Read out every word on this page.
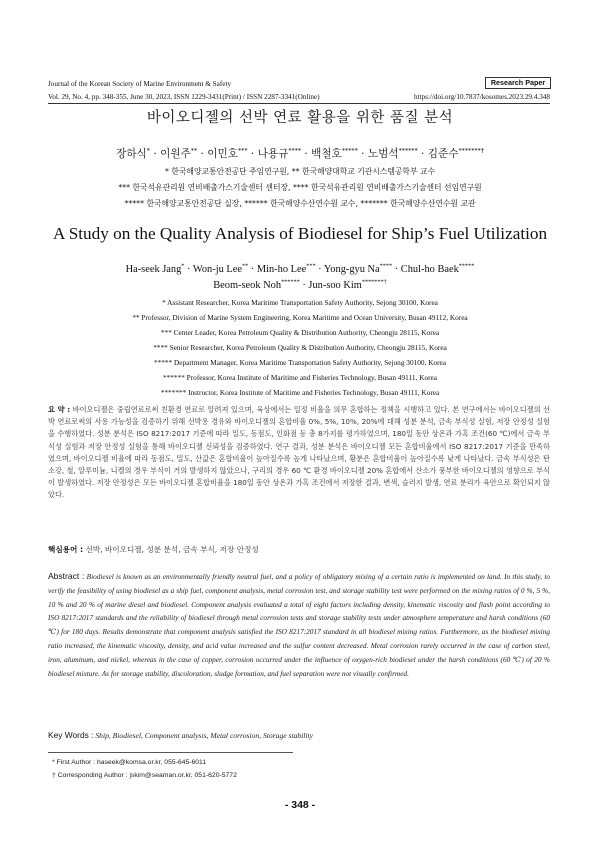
Journal of the Korean Society of Marine Environment & Safety	Research Paper
Vol. 29, No. 4, pp. 348-355, June 30, 2023, ISSN 1229-3431(Print) / ISSN 2287-3341(Online)	https://doi.org/10.7837/kosomes.2023.29.4.348
바이오디젤의 선박 연료 활용을 위한 품질 분석
장하식* · 이원주** · 이민호*** · 나용규**** · 백철호***** · 노범석****** · 김준수*******†
* 한국해양교통안전공단 주임연구원, ** 한국해양대학교 기관시스템공학부 교수
*** 한국석유관리원 연비배출가스기술센터 센터장, **** 한국석유관리원 연비배출가스기술센터 선임연구원
***** 한국해양교통안전공단 실장, ****** 한국해양수산연수원 교수, ******* 한국해양수산연수원 교관
A Study on the Quality Analysis of Biodiesel for Ship’s Fuel Utilization
Ha-seek Jang* · Won-ju Lee** · Min-ho Lee*** · Yong-gyu Na**** · Chul-ho Baek*****
Beom-seok Noh****** · Jun-soo Kim*******†
* Assistant Researcher, Korea Maritime Transportation Safety Authority, Sejong 30100, Korea
** Professor, Division of Marine System Engineering, Korea Maritime and Ocean University, Busan 49112, Korea
*** Center Leader, Korea Petroleum Quality & Distribution Authority, Cheongju 28115, Korea
**** Senior Researcher, Korea Petroleum Quality & Distribution Authority, Cheongju 28115, Korea
***** Department Manager, Korea Maritime Transportation Safety Authority, Sejong 30100, Korea
****** Professor, Korea Institute of Maritime and Fisheries Technology, Busan 49111, Korea
******* Instructor, Korea Institute of Maritime and Fisheries Technology, Busan 49111, Korea
요 약 : 바이오디젤은 중립연료로써 친환경 연료로 알려져 있으며, 육상에서는 일정 비율을 의무 혼합하는 정책을 시행하고 있다. 본 연구에서는 바이오디젤의 선박 연료로써의 사용 가능성을 검증하기 위해 선박용 경유와 바이오디젤의 혼합비율 0%, 5%, 10%, 20%에 대해 성분 분석, 금속 부식성 실험, 저장 안정성 실험을 수행하였다. 성분 분석은 ISO 8217:2017 기준에 따라 밀도, 동점도, 인화점 등 총 8가지를 평가하였으며, 180일 동안 상온과 가혹 조건(60 ℃)에서 금속 부식성 실험과 저장 안정성 실험을 통해 바이오디젤 신뢰성을 검증하였다. 연구 결과, 성분 분석은 바이오디젤 모든 혼합비율에서 ISO 8217:2017 기준을 만족하였으며, 바이오디젤 비율에 따라 동점도, 밀도, 산값은 혼합비율이 높아질수록 높게 나타났으며, 황분은 혼합비율이 높아질수록 낮게 나타났다. 금속 부식성은 탄소강, 철, 알루미늄, 니켈의 경우 부식이 거의 발생하지 않았으나, 구리의 경우 60 ℃ 환경 바이오디젤 20% 혼합에서 산소가 풍부한 바이오디젤의 영향으로 부식이 발생하였다. 저장 안정성은 모든 바이오디젤 혼합비율을 180일 동안 상온과 가혹 조건에서 저장한 결과, 변색, 슬러지 발생, 연료 분리가 육안으로 확인되지 않았다.
핵심용어 : 선박, 바이오디젤, 성분 분석, 금속 부식, 저장 안정성
Abstract : Biodiesel is known as an environmentally friendly neutral fuel, and a policy of obligatory mixing of a certain ratio is implemented on land. In this study, to verify the feasibility of using biodiesel as a ship fuel, component analysis, metal corrosion test, and storage stability test were performed on the mixing ratios of 0 %, 5 %, 10 % and 20 % of marine diesel and biodiesel. Component analysis evaluated a total of eight factors including density, kinematic viscosity and flash point according to ISO 8217:2017 standards and the reliability of biodiesel through metal corrosion tests and storage stability tests under atmosphere temperature and harsh conditions (60 ℃) for 180 days. Results demonstrate that component analysis satisfied the ISO 8217:2017 standard in all biodiesel mixing ratios. Furthermore, as the biodiesel mixing ratio increased, the kinematic viscosity, density, and acid value increased and the sulfur content decreased. Metal corrosion rarely occurred in the case of carbon steel, iron, aluminum, and nickel, whereas in the case of copper, corrosion occurred under the influence of oxygen-rich biodiesel under the harsh conditions (60 ℃) of 20 % biodiesel mixture. As for storage stability, discoloration, sludge formation, and fuel separation were not visually confirmed.
Key Words : Ship, Biodiesel, Component analysis, Metal corrosion, Storage stability
* First Author : haseek@komsa.or.kr, 055-645-6011
† Corresponding Author : jskim@seaman.or.kr, 051-620-5772
- 348 -
